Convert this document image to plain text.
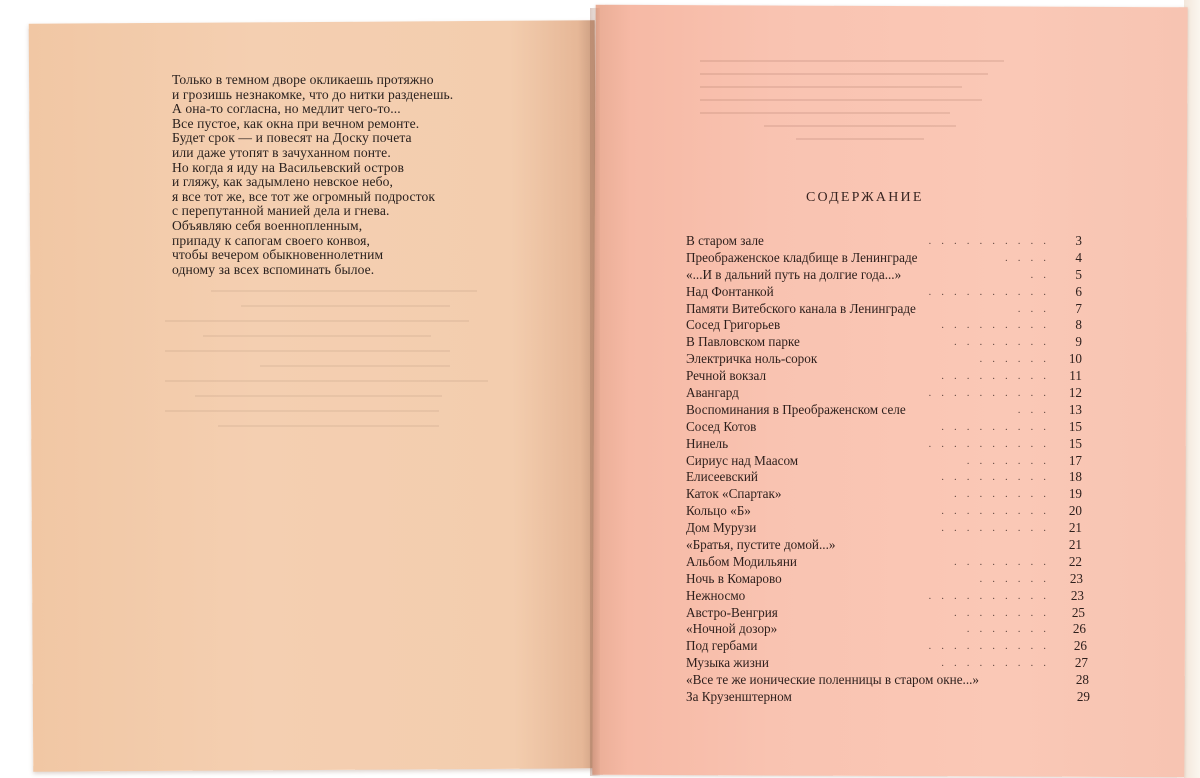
Только в темном дворе окликаешь протяжно
и грозишь незнакомке, что до нитки разденешь.
А она-то согласна, но медлит чего-то...
Все пустое, как окна при вечном ремонте.
Будет срок — и повесят на Доску почета
или даже утопят в зачуханном понте.
Но когда я иду на Васильевский остров
и гляжу, как задымлено невское небо,
я все тот же, все тот же огромный подросток
с перепутанной манией дела и гнева.
Объявляю себя военнопленным,
припаду к сапогам своего конвоя,
чтобы вечером обыкновеннолетним
одному за всех вспоминать былое.
СОДЕРЖАНИЕ
В старом зале	..........	3
Преображенское кладбище в Ленинграде	....	4
«...И в дальний путь на долгие года...»	..	5
Над Фонтанкой	..........	6
Памяти Витебского канала в Ленинграде	...	7
Сосед Григорьев	.........	8
В Павловском парке	........	9
Электричка ноль-сорок	...... 10
Речной вокзал	.........	11
Авангард	.......... 12
Воспоминания в Преображенском селе	... 13
Сосед Котов	......... 15
Нинель	.......... 15
Сириус над Маасом	....... 17
Елисеевский	......... 18
Каток «Спартак»	........ 19
Кольцо «Б»	......... 20
Дом Мурузи	......... 21
«Братья, пустите домой...»	21
Альбом Модильяни	........ 22
Ночь в Комарово	......	23
Нежносмо	..........	23
Австро-Венгрия	........	25
«Ночной дозор»	.......	26
Под гербами	..........	26
Музыка жизни	.........	27
«Все те же ионические поленницы в старом окне...»	28
За Крузенштерном	29
